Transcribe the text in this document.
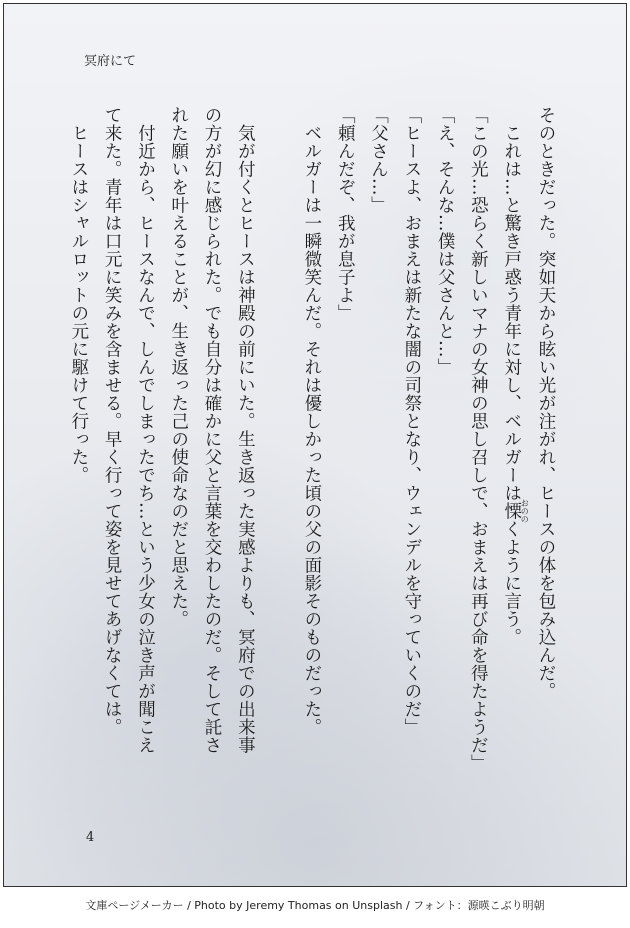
冥府にて
そのときだった。突如天から眩い光が注がれ、ヒースの体を包み込んだ。
　これは…と驚き戸惑う青年に対し、ベルガーは慄おののくように言う。
「この光…恐らく新しいマナの女神の思し召しで、おまえは再び命を得たようだ」
「え、そんな…僕は父さんと…」
「ヒースよ、おまえは新たな闇の司祭となり、ウェンデルを守っていくのだ」
「父さん…」
「頼んだぞ、我が息子よ」
　ベルガーは一瞬微笑んだ。それは優しかった頃の父の面影そのものだった。

　気が付くとヒースは神殿の前にいた。生き返った実感よりも、冥府での出来事
の方が幻に感じられた。でも自分は確かに父と言葉を交わしたのだ。そして託さ
れた願いを叶えることが、生き返った己の使命なのだと思えた。
　付近から、ヒースなんで、しんでしまったでち…という少女の泣き声が聞こえ
て来た。青年は口元に笑みを含ませる。早く行って姿を見せてあげなくては。
　ヒースはシャルロットの元に駆けて行った。
4
文庫ページメーカー / Photo by Jeremy Thomas on Unsplash / フォント：源暎こぶり明朝
